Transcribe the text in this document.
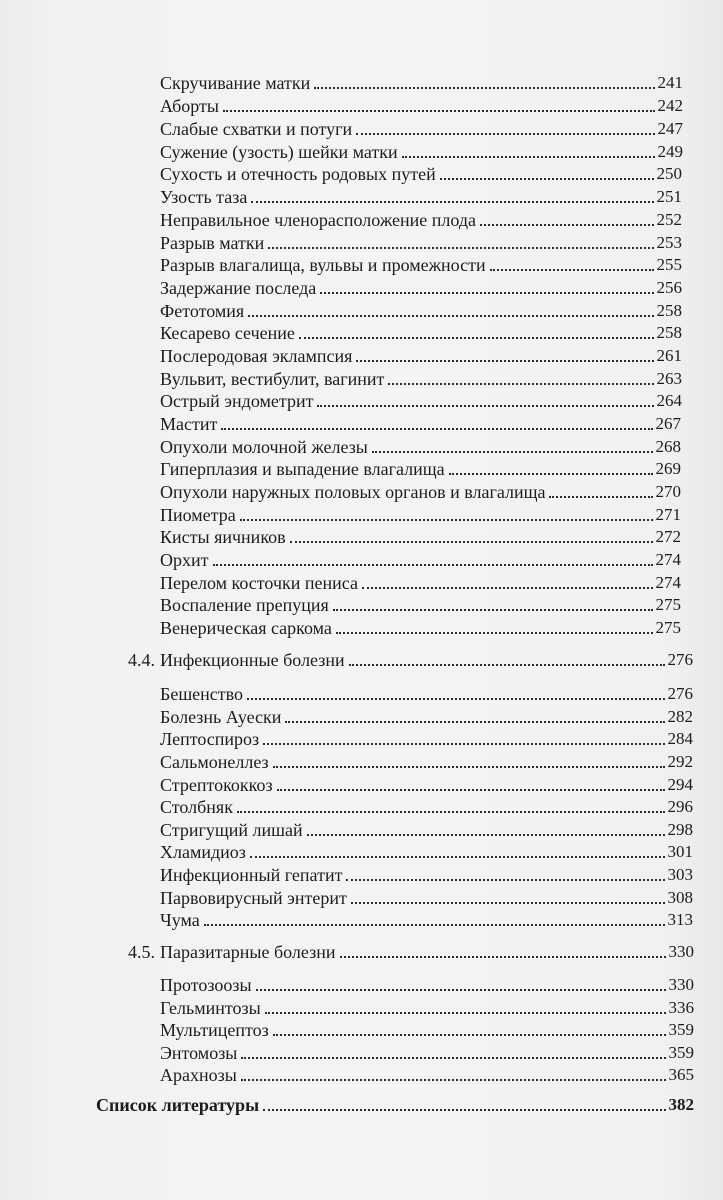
Скручивание матки	241
Аборты	242
Слабые схватки и потуги	247
Сужение (узость) шейки матки	249
Сухость и отечность родовых путей	250
Узость таза	251
Неправильное членорасположение плода	252
Разрыв матки	253
Разрыв влагалища, вульвы и промежности	255
Задержание последа	256
Фетотомия	258
Кесарево сечение	258
Послеродовая эклампсия	261
Вульвит, вестибулит, вагинит	263
Острый эндометрит	264
Мастит	267
Опухоли молочной железы	268
Гиперплазия и выпадение влагалища	269
Опухоли наружных половых органов и влагалища	270
Пиометра	271
Кисты яичников	272
Орхит	274
Перелом косточки пениса	274
Воспаление препуция	275
Венерическая саркома	275
4.4. Инфекционные болезни	276
Бешенство	276
Болезнь Ауески	282
Лептоспироз	284
Сальмонеллез	292
Стрептококкоз	294
Столбняк	296
Стригущий лишай	298
Хламидиоз	301
Инфекционный гепатит	303
Парвовирусный энтерит	308
Чума	313
4.5. Паразитарные болезни	330
Протозоозы	330
Гельминтозы	336
Мультицептоз	359
Энтомозы	359
Арахнозы	365
Список литературы	382
